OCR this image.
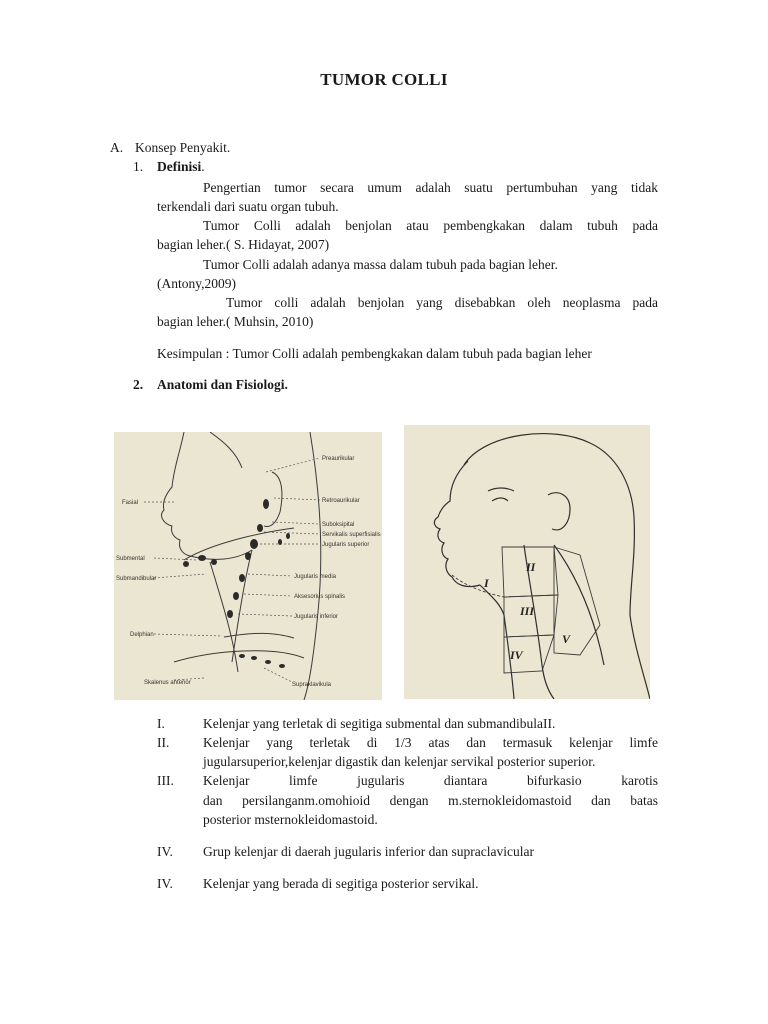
TUMOR COLLI
A. Konsep Penyakit.
1. Definisi.
Pengertian tumor secara umum adalah suatu pertumbuhan yang tidak
terkendali dari suatu organ tubuh.
Tumor Colli adalah benjolan atau pembengkakan dalam tubuh pada
bagian leher.( S. Hidayat, 2007)
Tumor Colli adalah adanya massa dalam tubuh pada bagian leher.
(Antony,2009)
Tumor colli adalah benjolan yang disebabkan oleh neoplasma pada
bagian leher.( Muhsin, 2010)
Kesimpulan : Tumor Colli adalah pembengkakan dalam tubuh pada bagian leher
2. Anatomi dan Fisiologi.
Preaurikular
Fasial	Retroaurikular
Suboksipital
Servikalis superfisialis
Jugularis superior
Submental
Submandibular	Jugularis media
Aksesorius spinalis
Jugularis inferior
Delphian
Supraklavikula
Skalenus anterior
I
II
III
IV
V
I.	Kelenjar yang terletak di segitiga submental dan submandibulaII.
II. Kelenjar yang terletak di 1/3 atas dan termasuk kelenjar limfe
jugularsuperior,kelenjar digastik dan kelenjar servikal posterior superior.
III. Kelenjar limfe jugularis diantara bifurkasio karotis
dan persilanganm.omohioid dengan m.sternokleidomastoid dan batas
posterior msternokleidomastoid.
IV. Grup kelenjar di daerah jugularis inferior dan supraclavicular
IV. Kelenjar yang berada di segitiga posterior servikal.
